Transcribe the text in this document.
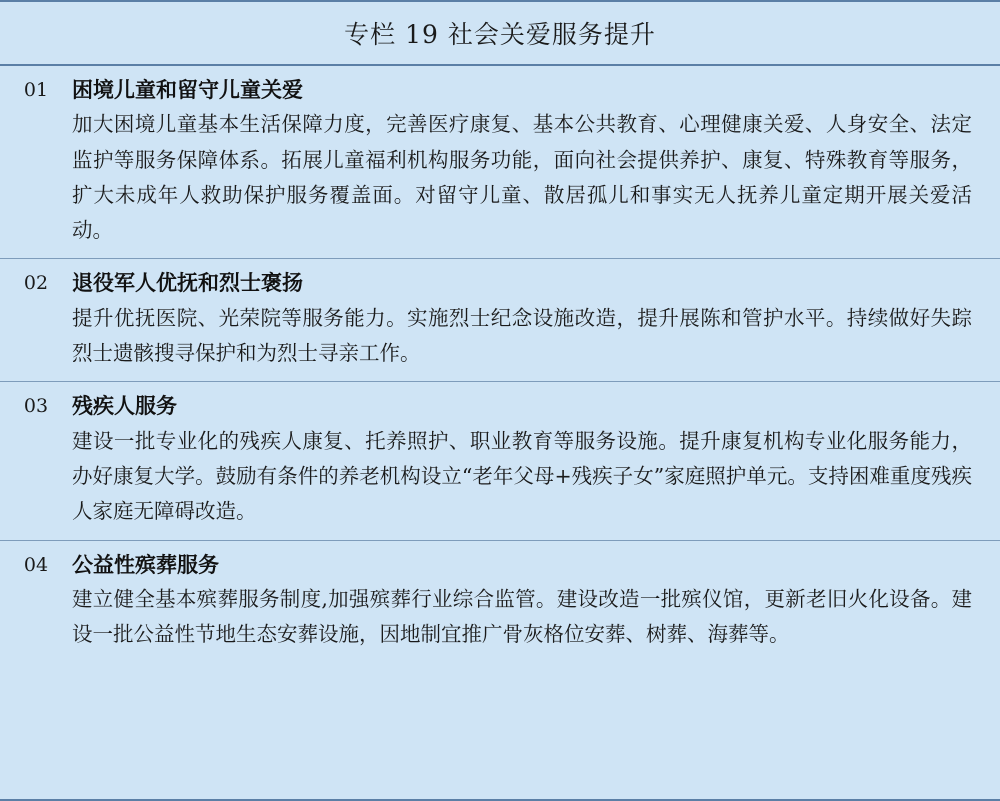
专栏 19 社会关爱服务提升
01	困境儿童和留守儿童关爱
加大困境儿童基本生活保障力度，完善医疗康复、基本公共教育、心理健康关爱、人身安全、法定监护等服务保障体系。拓展儿童福利机构服务功能，面向社会提供养护、康复、特殊教育等服务，扩大未成年人救助保护服务覆盖面。对留守儿童、散居孤儿和事实无人抚养儿童定期开展关爱活动。
02	退役军人优抚和烈士褒扬
提升优抚医院、光荣院等服务能力。实施烈士纪念设施改造，提升展陈和管护水平。持续做好失踪烈士遗骸搜寻保护和为烈士寻亲工作。
03	残疾人服务
建设一批专业化的残疾人康复、托养照护、职业教育等服务设施。提升康复机构专业化服务能力，办好康复大学。鼓励有条件的养老机构设立“老年父母+残疾子女”家庭照护单元。支持困难重度残疾人家庭无障碍改造。
04	公益性殡葬服务
建立健全基本殡葬服务制度,加强殡葬行业综合监管。建设改造一批殡仪馆，更新老旧火化设备。建设一批公益性节地生态安葬设施，因地制宜推广骨灰格位安葬、树葬、海葬等。
